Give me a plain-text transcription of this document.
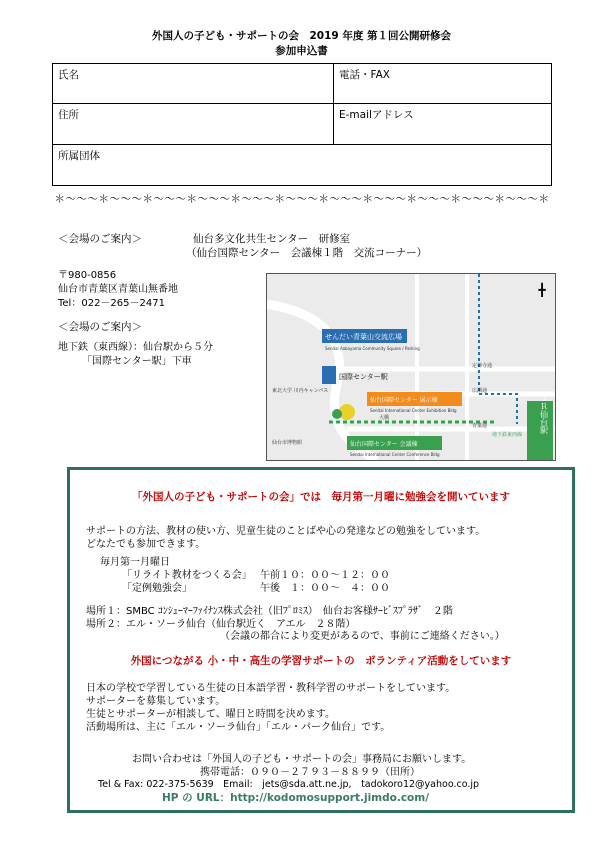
外国人の子ども・サポートの会　2019 年度 第１回公開研修会
参加申込書
氏名	電話・FAX
住所	E-mailアドレス
所属団体	
＊～～～＊～～～＊～～～＊～～～＊～～～＊～～～＊～～～＊～～～＊～～～＊～～～＊～～～＊
＜会場のご案内＞	仙台多文化共生センター　研修室
（仙台国際センター　会議棟１階　交流コーナー）
〒980-0856
仙台市青葉区青葉山無番地
Tel：022－265－2471
＜会場のご案内＞
地下鉄（東西線）：仙台駅から５分
「国際センター駅」下車
╋
せんだい青葉山交流広場
Sendai Aobayama Community Square / Parking
国際センター駅
仙台国際センター 展示棟
Sendai International Center Exhibition Bldg
仙台国際センター 会議棟
Sendai International Center Conference Bldg
東北大学 川内キャンパス
仙台市博物館
地下鉄東西線
大橋
青葉通
広瀬通
定禅寺通
ＪＲ仙台駅
「外国人の子ども・サポートの会」では　毎月第一月曜に勉強会を開いています
サポートの方法、教材の使い方、児童生徒のことばや心の発達などの勉強をしています。
どなたでも参加できます。
毎月第一月曜日
「リライト教材をつくる会」 午前１０：００～１２：００
「定例勉強会」	午後　１：００～　４：００
場所１：SMBC ｺﾝｼｭｰﾏｰﾌｧｲﾅﾝｽ株式会社（旧ﾌﾟﾛﾐｽ）　仙台お客様ｻｰﾋﾞｽﾌﾟﾗｻﾞ　２階
場所２：エル・ソーラ仙台（仙台駅近く　アエル　２８階）
（会議の都合により変更があるので、事前にご連絡ください。）
外国につながる 小・中・高生の学習サポートの　ボランティア活動をしています
日本の学校で学習している生徒の日本語学習・教科学習のサポートをしています。
サポーターを募集しています。
生徒とサポーターが相談して、曜日と時間を決めます。
活動場所は、主に「エル・ソーラ仙台」「エル・パーク仙台」です。
お問い合わせは「外国人の子ども・サポートの会」事務局にお願いします。
携帯電話：０９０－２７９３－８８９９（田所）
Tel & Fax: 022-375-5639　Email:　jets@sda.att.ne.jp,　tadokoro12@yahoo.co.jp
HP の URL：http://kodomosupport.jimdo.com/
